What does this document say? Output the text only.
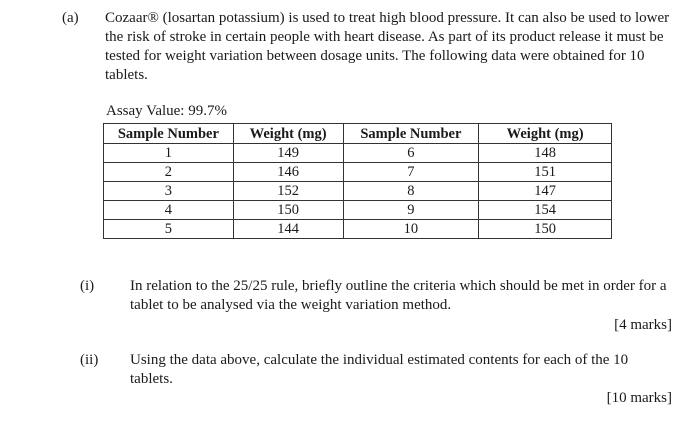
(a) Cozaar® (losartan potassium) is used to treat high blood pressure. It can also be used to lower the risk of stroke in certain people with heart disease. As part of its product release it must be tested for weight variation between dosage units. The following data were obtained for 10 tablets.
Assay Value: 99.7%
Sample Number	Weight (mg)	Sample Number	Weight (mg)
1	149	6	148
2	146	7	151
3	152	8	147
4	150	9	154
5	144	10	150
(i) In relation to the 25/25 rule, briefly outline the criteria which should be met in order for a tablet to be analysed via the weight variation method.
[4 marks]
(ii) Using the data above, calculate the individual estimated contents for each of the 10 tablets.
[10 marks]
